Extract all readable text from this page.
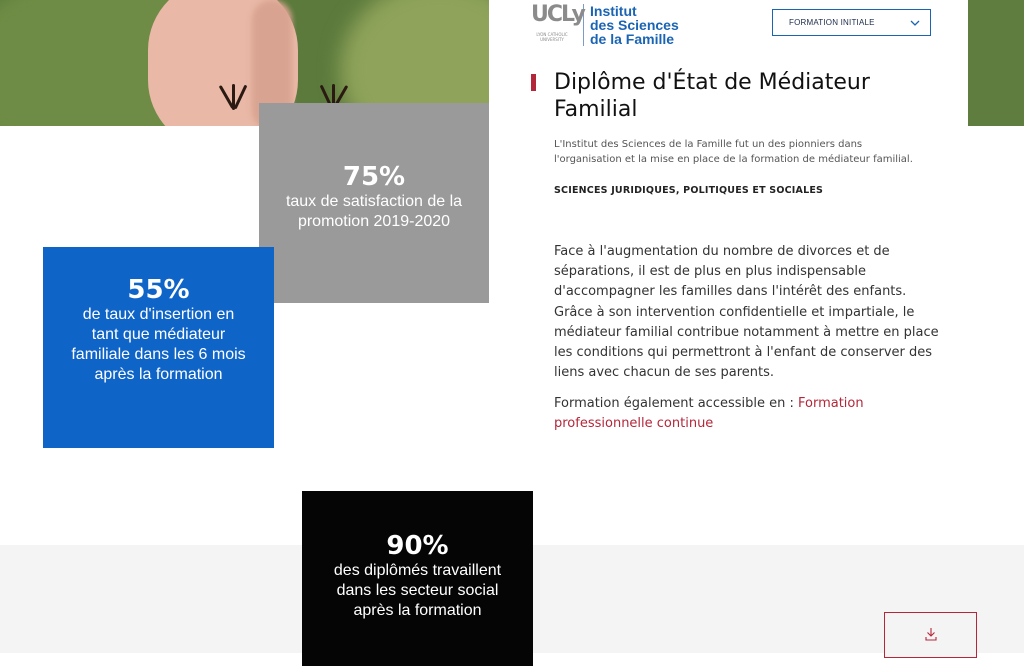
UCLy
LYON CATHOLIC UNIVERSITY
Institut
des Sciences
de la Famille
FORMATION INITIALE
Diplôme d'État de Médiateur Familial

L'Institut des Sciences de la Famille fut un des pionniers dans l'organisation et la mise en place de la formation de médiateur familial.

SCIENCES JURIDIQUES, POLITIQUES ET SOCIALES

Face à l'augmentation du nombre de divorces et de séparations, il est de plus en plus indispensable d'accompagner les familles dans l'intérêt des enfants. Grâce à son intervention confidentielle et impartiale, le médiateur familial contribue notamment à mettre en place les conditions qui permettront à l'enfant de conserver des liens avec chacun de ses parents.

Formation également accessible en : Formation professionnelle continue

75%
taux de satisfaction de la promotion 2019-2020
55%
de taux d'insertion en tant que médiateur familiale dans les 6 mois après la formation
90%
des diplômés travaillent dans les secteur social après la formation
